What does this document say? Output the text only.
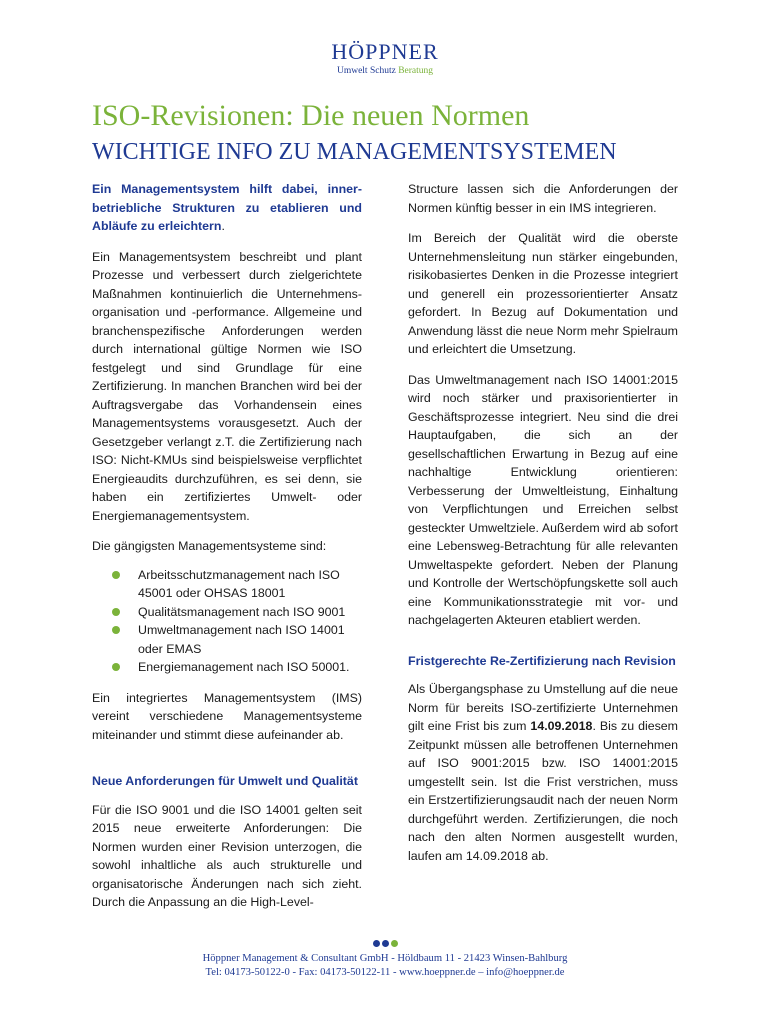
HÖPPNER
Umwelt Schutz Beratung
ISO-Revisionen: Die neuen Normen
WICHTIGE INFO ZU MANAGEMENTSYSTEMEN

Ein Managementsystem hilft dabei, inner-betriebliche Strukturen zu etablieren und Abläufe zu erleichtern.

Ein Managementsystem beschreibt und plant Prozesse und verbessert durch zielgerichtete Maßnahmen kontinuierlich die Unternehmens-organisation und -performance. Allgemeine und branchenspezifische Anforderungen werden durch international gültige Normen wie ISO festgelegt und sind Grundlage für eine Zertifizierung. In manchen Branchen wird bei der Auftragsvergabe das Vorhandensein eines Managementsystems vorausgesetzt. Auch der Gesetzgeber verlangt z.T. die Zertifizierung nach ISO: Nicht-KMUs sind beispielsweise verpflichtet Energieaudits durchzuführen, es sei denn, sie haben ein zertifiziertes Umwelt- oder Energiemanagementsystem.

Die gängigsten Managementsysteme sind:

Arbeitsschutzmanagement nach ISO 45001 oder OHSAS 18001
Qualitätsmanagement nach ISO 9001
Umweltmanagement nach ISO 14001 oder EMAS
Energiemanagement nach ISO 50001.

Ein integriertes Managementsystem (IMS) vereint verschiedene Managementsysteme miteinander und stimmt diese aufeinander ab.

Neue Anforderungen für Umwelt und Qualität

Für die ISO 9001 und die ISO 14001 gelten seit 2015 neue erweiterte Anforderungen: Die Normen wurden einer Revision unterzogen, die sowohl inhaltliche als auch strukturelle und organisatorische Änderungen nach sich zieht. Durch die Anpassung an die High-Level-

Structure lassen sich die Anforderungen der Normen künftig besser in ein IMS integrieren.

Im Bereich der Qualität wird die oberste Unternehmensleitung nun stärker eingebunden, risikobasiertes Denken in die Prozesse integriert und generell ein prozessorientierter Ansatz gefordert. In Bezug auf Dokumentation und Anwendung lässt die neue Norm mehr Spielraum und erleichtert die Umsetzung.

Das Umweltmanagement nach ISO 14001:2015 wird noch stärker und praxisorientierter in Geschäftsprozesse integriert. Neu sind die drei Hauptaufgaben, die sich an der gesellschaftlichen Erwartung in Bezug auf eine nachhaltige Entwicklung orientieren: Verbesserung der Umweltleistung, Einhaltung von Verpflichtungen und Erreichen selbst gesteckter Umweltziele. Außerdem wird ab sofort eine Lebensweg-Betrachtung für alle relevanten Umweltaspekte gefordert. Neben der Planung und Kontrolle der Wertschöpfungskette soll auch eine Kommunikationsstrategie mit vor- und nachgelagerten Akteuren etabliert werden.

Fristgerechte Re-Zertifizierung nach Revision

Als Übergangsphase zu Umstellung auf die neue Norm für bereits ISO-zertifizierte Unternehmen gilt eine Frist bis zum 14.09.2018. Bis zu diesem Zeitpunkt müssen alle betroffenen Unternehmen auf ISO 9001:2015 bzw. ISO 14001:2015 umgestellt sein. Ist die Frist verstrichen, muss ein Erstzertifizierungsaudit nach der neuen Norm durchgeführt werden. Zertifizierungen, die noch nach den alten Normen ausgestellt wurden, laufen am 14.09.2018 ab.

Höppner Management & Consultant GmbH - Höldbaum 11 - 21423 Winsen-Bahlburg
Tel: 04173-50122-0 - Fax: 04173-50122-11 - www.hoeppner.de – info@hoeppner.de
